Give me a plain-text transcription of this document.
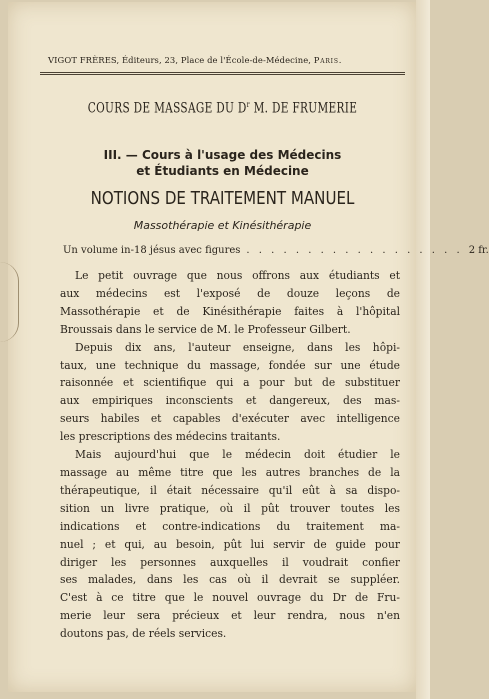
VIGOT FRÈRES, Éditeurs, 23, Place de l'École-de-Médecine, Paris.
COURS DE MASSAGE DU $D^r$ M. DE FRUMERIE
III. — Cours à l'usage des Médecins
et Étudiants en Médecine
NOTIONS DE TRAITEMENT MANUEL
Massothérapie et Kinésithérapie
Un volume in-18 jésus avec figures . . . . . . . . . . . . . . . . . . 2 fr.
Le petit ouvrage que nous offrons aux étudiants et
aux médecins est l'exposé de douze leçons de
Massothérapie et de Kinésithérapie faites à l'hôpital
Broussais dans le service de M. le Professeur Gilbert.
Depuis dix ans, l'auteur enseigne, dans les hôpi-
taux, une technique du massage, fondée sur une étude
raisonnée et scientifique qui a pour but de substituer
aux empiriques inconscients et dangereux, des mas-
seurs habiles et capables d'exécuter avec intelligence
les prescriptions des médecins traitants.
Mais aujourd'hui que le médecin doit étudier le
massage au même titre que les autres branches de la
thérapeutique, il était nécessaire qu'il eût à sa dispo-
sition un livre pratique, où il pût trouver toutes les
indications et contre-indications du traitement ma-
nuel ; et qui, au besoin, pût lui servir de guide pour
diriger les personnes auxquelles il voudrait confier
ses malades, dans les cas où il devrait se suppléer.
C'est à ce titre que le nouvel ouvrage du Dr de Fru-
merie leur sera précieux et leur rendra, nous n'en
doutons pas, de réels services.
